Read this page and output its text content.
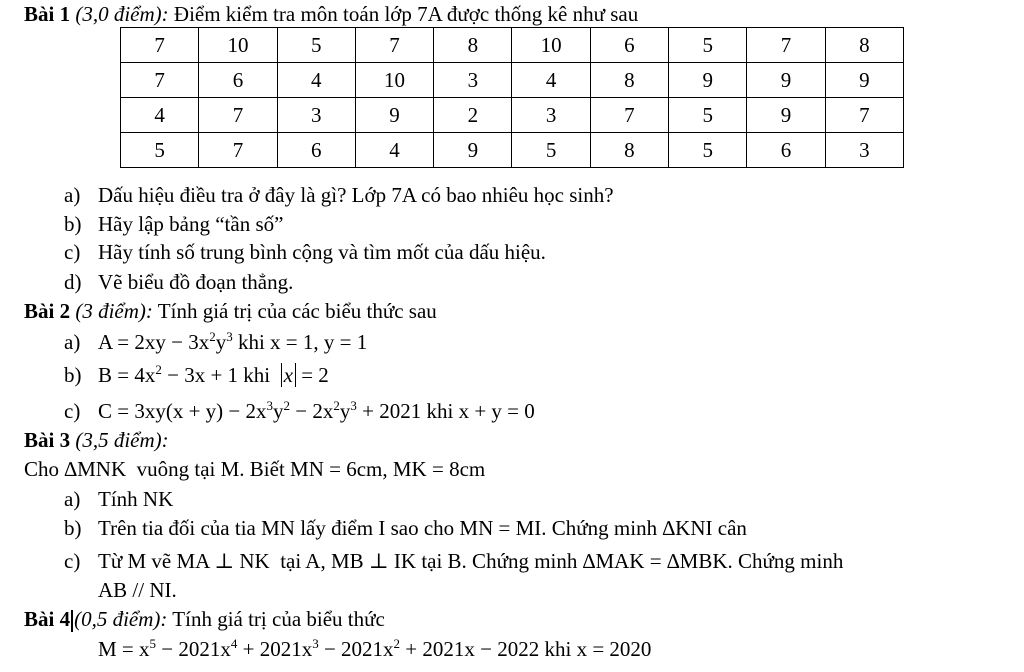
Bài 1 (3,0 điểm): Điểm kiểm tra môn toán lớp 7A được thống kê như sau
7	10	5	7	8	10	6	5	7	8
7	6	4	10	3	4	8	9	9	9
4	7	3	9	2	3	7	5	9	7
5	7	6	4	9	5	8	5	6	3
a) Dấu hiệu điều tra ở đây là gì? Lớp 7A có bao nhiêu học sinh?
b) Hãy lập bảng “tần số”
c) Hãy tính số trung bình cộng và tìm mốt của dấu hiệu.
d) Vẽ biểu đồ đoạn thẳng.
Bài 2 (3 điểm): Tính giá trị của các biểu thức sau
a) $A = 2xy - 3x^2y^3$ khi x = 1, y = 1
b) $B = 4x^2 - 3x + 1$ khi x = 2
c) $C = 3xy(x + y) - 2x^3y^2 - 2x^2y^3 + 2021$ khi x + y = 0
Bài 3 (3,5 điểm):
Cho ∆MNK vuông tại M. Biết MN = 6cm, MK = 8cm
a) Tính NK
b) Trên tia đối của tia MN lấy điểm I sao cho MN = MI. Chứng minh ∆KNI cân
c) Từ M vẽ MA ⊥ NK tại A, MB ⊥ IK tại B. Chứng minh ∆MAK = ∆MBK. Chứng minh
AB // NI.
Bài 4 (0,5 điểm): Tính giá trị của biểu thức
$M = x^5 - 2021x^4 + 2021x^3 - 2021x^2 + 2021x - 2022$ khi x = 2020
